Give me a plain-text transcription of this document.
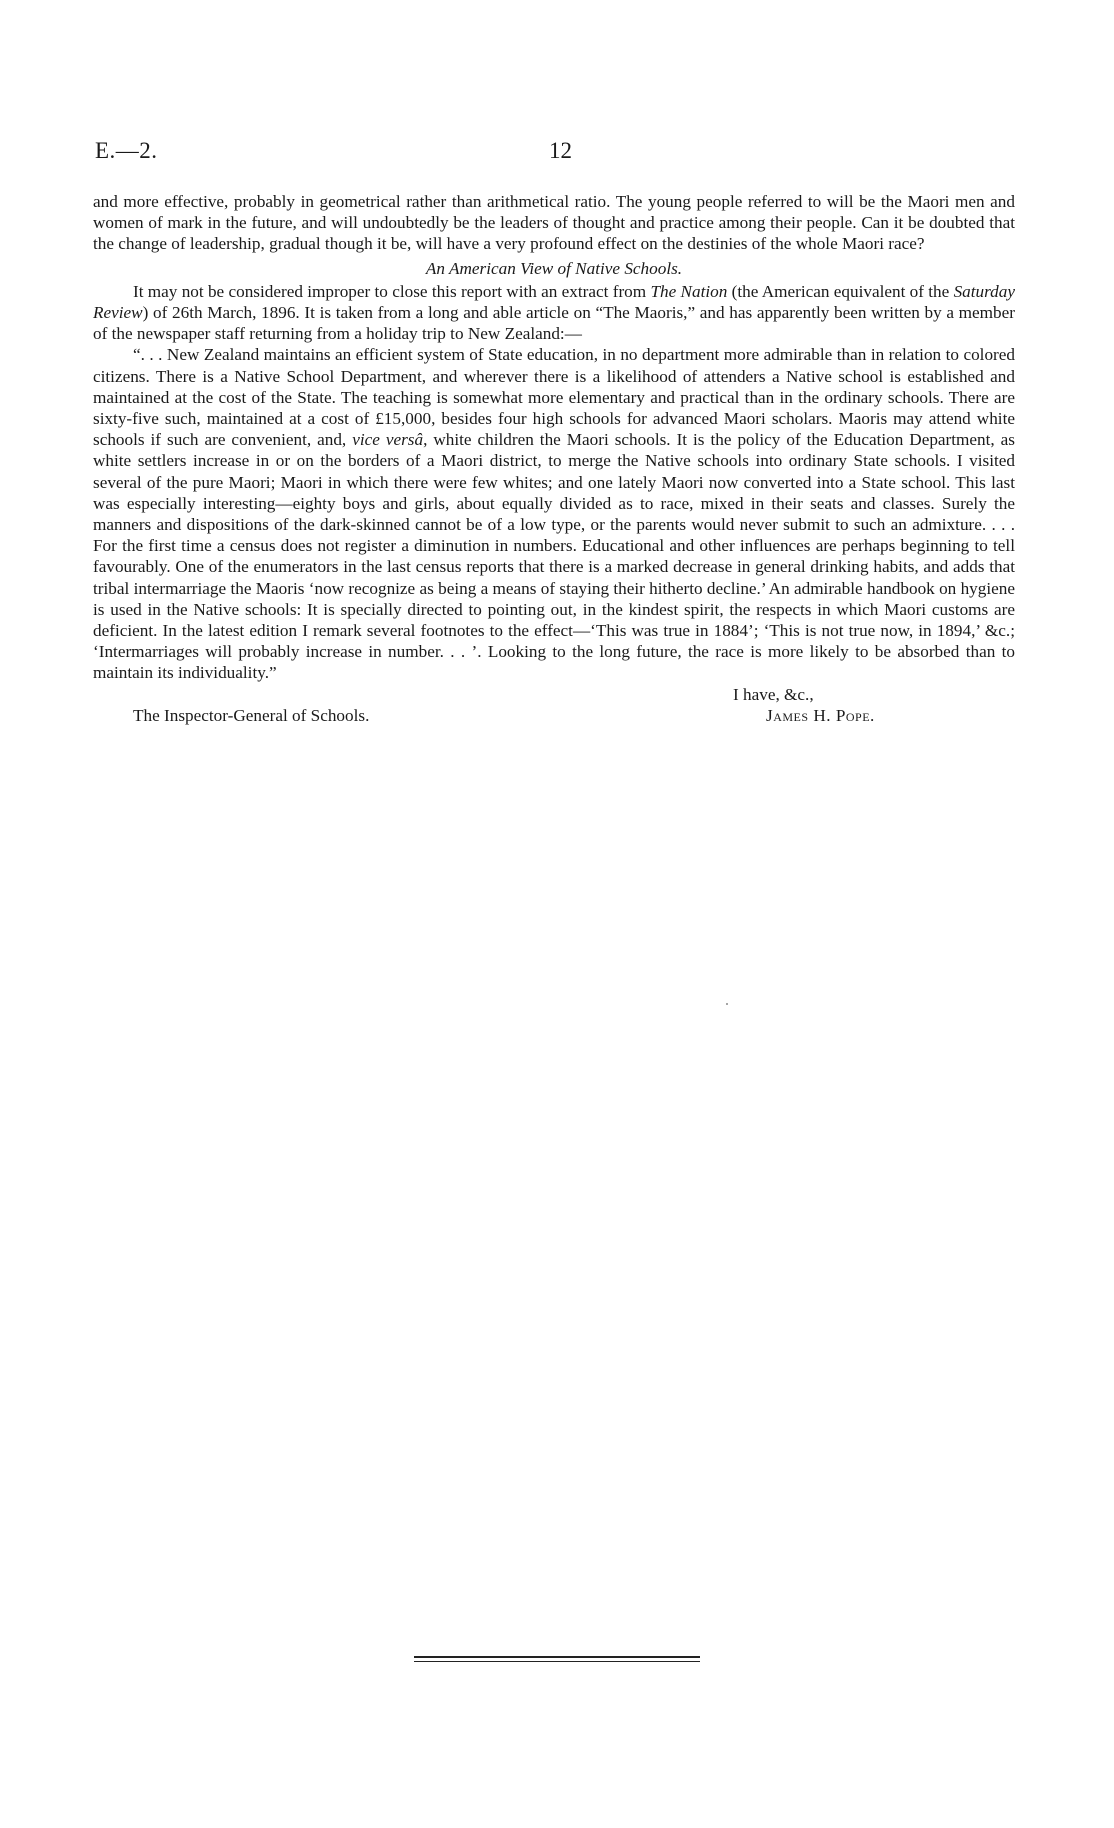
E.—2.	12

and more effective, probably in geometrical rather than arithmetical ratio. The young people referred to will be the Maori men and women of mark in the future, and will undoubtedly be the leaders of thought and practice among their people. Can it be doubted that the change of leadership, gradual though it be, will have a very profound effect on the destinies of the whole Maori race?

An American View of Native Schools.

It may not be considered improper to close this report with an extract from The Nation (the American equivalent of the Saturday Review) of 26th March, 1896. It is taken from a long and able article on “The Maoris,” and has apparently been written by a member of the newspaper staff returning from a holiday trip to New Zealand:—

“. . . New Zealand maintains an efficient system of State education, in no department more admirable than in relation to colored citizens. There is a Native School Department, and wherever there is a likelihood of attenders a Native school is established and maintained at the cost of the State. The teaching is somewhat more elementary and practical than in the ordinary schools. There are sixty-five such, maintained at a cost of £15,000, besides four high schools for advanced Maori scholars. Maoris may attend white schools if such are convenient, and, vice versâ, white children the Maori schools. It is the policy of the Education Department, as white settlers increase in or on the borders of a Maori district, to merge the Native schools into ordinary State schools. I visited several of the pure Maori; Maori in which there were few whites; and one lately Maori now converted into a State school. This last was especially interesting—eighty boys and girls, about equally divided as to race, mixed in their seats and classes. Surely the manners and dispositions of the dark-skinned cannot be of a low type, or the parents would never submit to such an admixture. . . . For the first time a census does not register a diminution in numbers. Educational and other influences are perhaps beginning to tell favourably. One of the enumerators in the last census reports that there is a marked decrease in general drinking habits, and adds that tribal intermarriage the Maoris ‘now recognize as being a means of staying their hitherto decline.’ An admirable handbook on hygiene is used in the Native schools: It is specially directed to pointing out, in the kindest spirit, the respects in which Maori customs are deficient. In the latest edition I remark several footnotes to the effect—‘This was true in 1884’; ‘This is not true now, in 1894,’ &c.; ‘Intermarriages will probably increase in number. . . ’. Looking to the long future, the race is more likely to be absorbed than to maintain its individuality.”

I have, &c.,
The Inspector-General of Schools.	James H. Pope.
